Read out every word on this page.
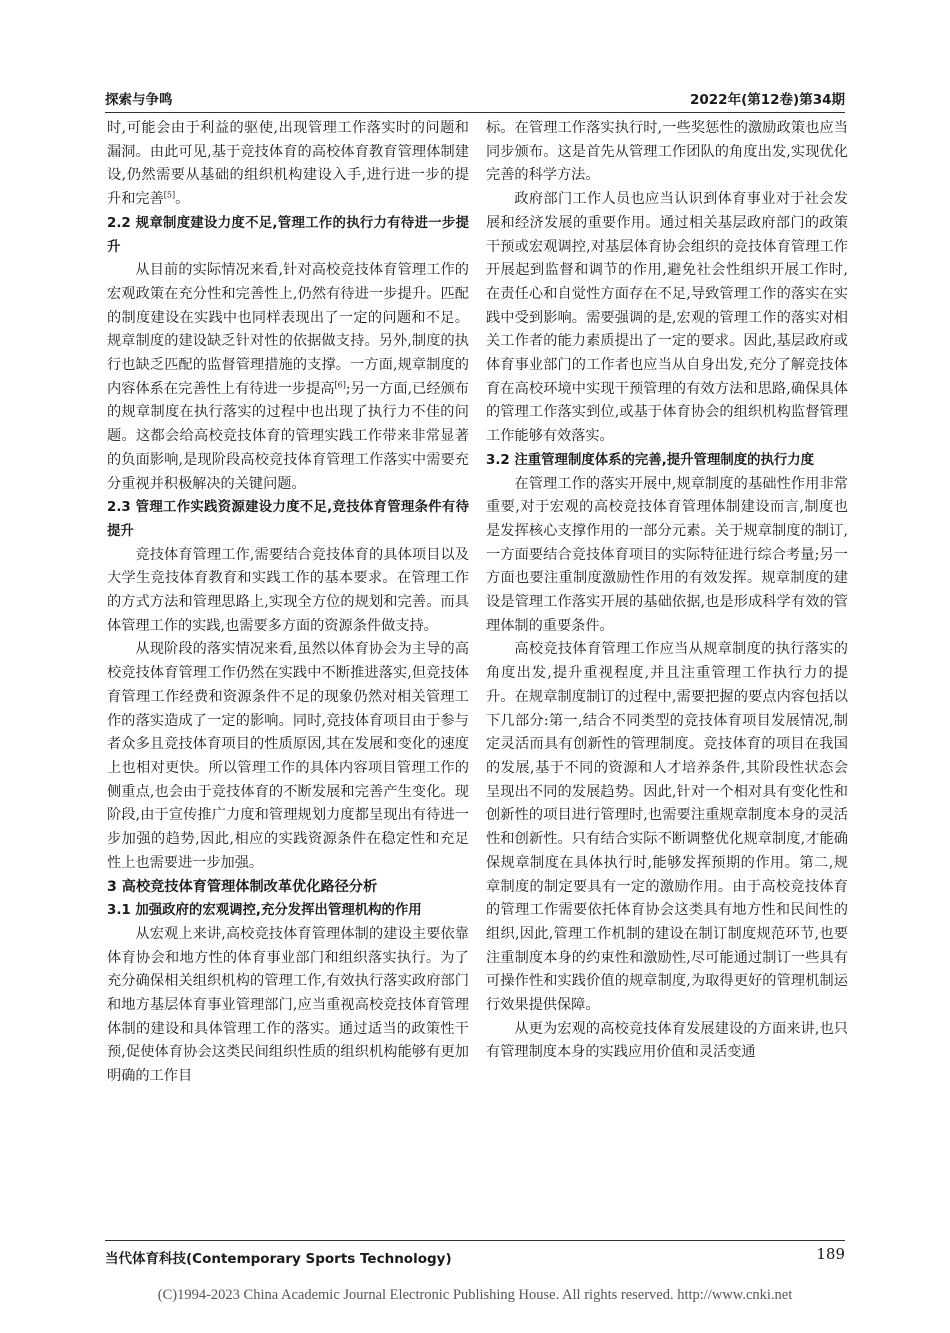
探索与争鸣	2022年(第12卷)第34期

时,可能会由于利益的驱使,出现管理工作落实时的问题和漏洞。由此可见,基于竞技体育的高校体育教育管理体制建设,仍然需要从基础的组织机构建设入手,进行进一步的提升和完善[5]。

2.2 规章制度建设力度不足,管理工作的执行力有待进一步提升

从目前的实际情况来看,针对高校竞技体育管理工作的宏观政策在充分性和完善性上,仍然有待进一步提升。匹配的制度建设在实践中也同样表现出了一定的问题和不足。规章制度的建设缺乏针对性的依据做支持。另外,制度的执行也缺乏匹配的监督管理措施的支撑。一方面,规章制度的内容体系在完善性上有待进一步提高[6];另一方面,已经颁布的规章制度在执行落实的过程中也出现了执行力不佳的问题。这都会给高校竞技体育的管理实践工作带来非常显著的负面影响,是现阶段高校竞技体育管理工作落实中需要充分重视并积极解决的关键问题。

2.3 管理工作实践资源建设力度不足,竞技体育管理条件有待提升

竞技体育管理工作,需要结合竞技体育的具体项目以及大学生竞技体育教育和实践工作的基本要求。在管理工作的方式方法和管理思路上,实现全方位的规划和完善。而具体管理工作的实践,也需要多方面的资源条件做支持。

从现阶段的落实情况来看,虽然以体育协会为主导的高校竞技体育管理工作仍然在实践中不断推进落实,但竞技体育管理工作经费和资源条件不足的现象仍然对相关管理工作的落实造成了一定的影响。同时,竞技体育项目由于参与者众多且竞技体育项目的性质原因,其在发展和变化的速度上也相对更快。所以管理工作的具体内容项目管理工作的侧重点,也会由于竞技体育的不断发展和完善产生变化。现阶段,由于宣传推广力度和管理规划力度都呈现出有待进一步加强的趋势,因此,相应的实践资源条件在稳定性和充足性上也需要进一步加强。

3 高校竞技体育管理体制改革优化路径分析
3.1 加强政府的宏观调控,充分发挥出管理机构的作用

从宏观上来讲,高校竞技体育管理体制的建设主要依靠体育协会和地方性的体育事业部门和组织落实执行。为了充分确保相关组织机构的管理工作,有效执行落实政府部门和地方基层体育事业管理部门,应当重视高校竞技体育管理体制的建设和具体管理工作的落实。通过适当的政策性干预,促使体育协会这类民间组织性质的组织机构能够有更加明确的工作目

标。在管理工作落实执行时,一些奖惩性的激励政策也应当同步颁布。这是首先从管理工作团队的角度出发,实现优化完善的科学方法。

政府部门工作人员也应当认识到体育事业对于社会发展和经济发展的重要作用。通过相关基层政府部门的政策干预或宏观调控,对基层体育协会组织的竞技体育管理工作开展起到监督和调节的作用,避免社会性组织开展工作时,在责任心和自觉性方面存在不足,导致管理工作的落实在实践中受到影响。需要强调的是,宏观的管理工作的落实对相关工作者的能力素质提出了一定的要求。因此,基层政府或体育事业部门的工作者也应当从自身出发,充分了解竞技体育在高校环境中实现干预管理的有效方法和思路,确保具体的管理工作落实到位,或基于体育协会的组织机构监督管理工作能够有效落实。

3.2 注重管理制度体系的完善,提升管理制度的执行力度

在管理工作的落实开展中,规章制度的基础性作用非常重要,对于宏观的高校竞技体育管理体制建设而言,制度也是发挥核心支撑作用的一部分元素。关于规章制度的制订,一方面要结合竞技体育项目的实际特征进行综合考量;另一方面也要注重制度激励性作用的有效发挥。规章制度的建设是管理工作落实开展的基础依据,也是形成科学有效的管理体制的重要条件。

高校竞技体育管理工作应当从规章制度的执行落实的角度出发,提升重视程度,并且注重管理工作执行力的提升。在规章制度制订的过程中,需要把握的要点内容包括以下几部分:第一,结合不同类型的竞技体育项目发展情况,制定灵活而具有创新性的管理制度。竞技体育的项目在我国的发展,基于不同的资源和人才培养条件,其阶段性状态会呈现出不同的发展趋势。因此,针对一个相对具有变化性和创新性的项目进行管理时,也需要注重规章制度本身的灵活性和创新性。只有结合实际不断调整优化规章制度,才能确保规章制度在具体执行时,能够发挥预期的作用。第二,规章制度的制定要具有一定的激励作用。由于高校竞技体育的管理工作需要依托体育协会这类具有地方性和民间性的组织,因此,管理工作机制的建设在制订制度规范环节,也要注重制度本身的约束性和激励性,尽可能通过制订一些具有可操作性和实践价值的规章制度,为取得更好的管理机制运行效果提供保障。

从更为宏观的高校竞技体育发展建设的方面来讲,也只有管理制度本身的实践应用价值和灵活变通

当代体育科技(Contemporary Sports Technology)	189
(C)1994-2023 China Academic Journal Electronic Publishing House. All rights reserved. http://www.cnki.net
